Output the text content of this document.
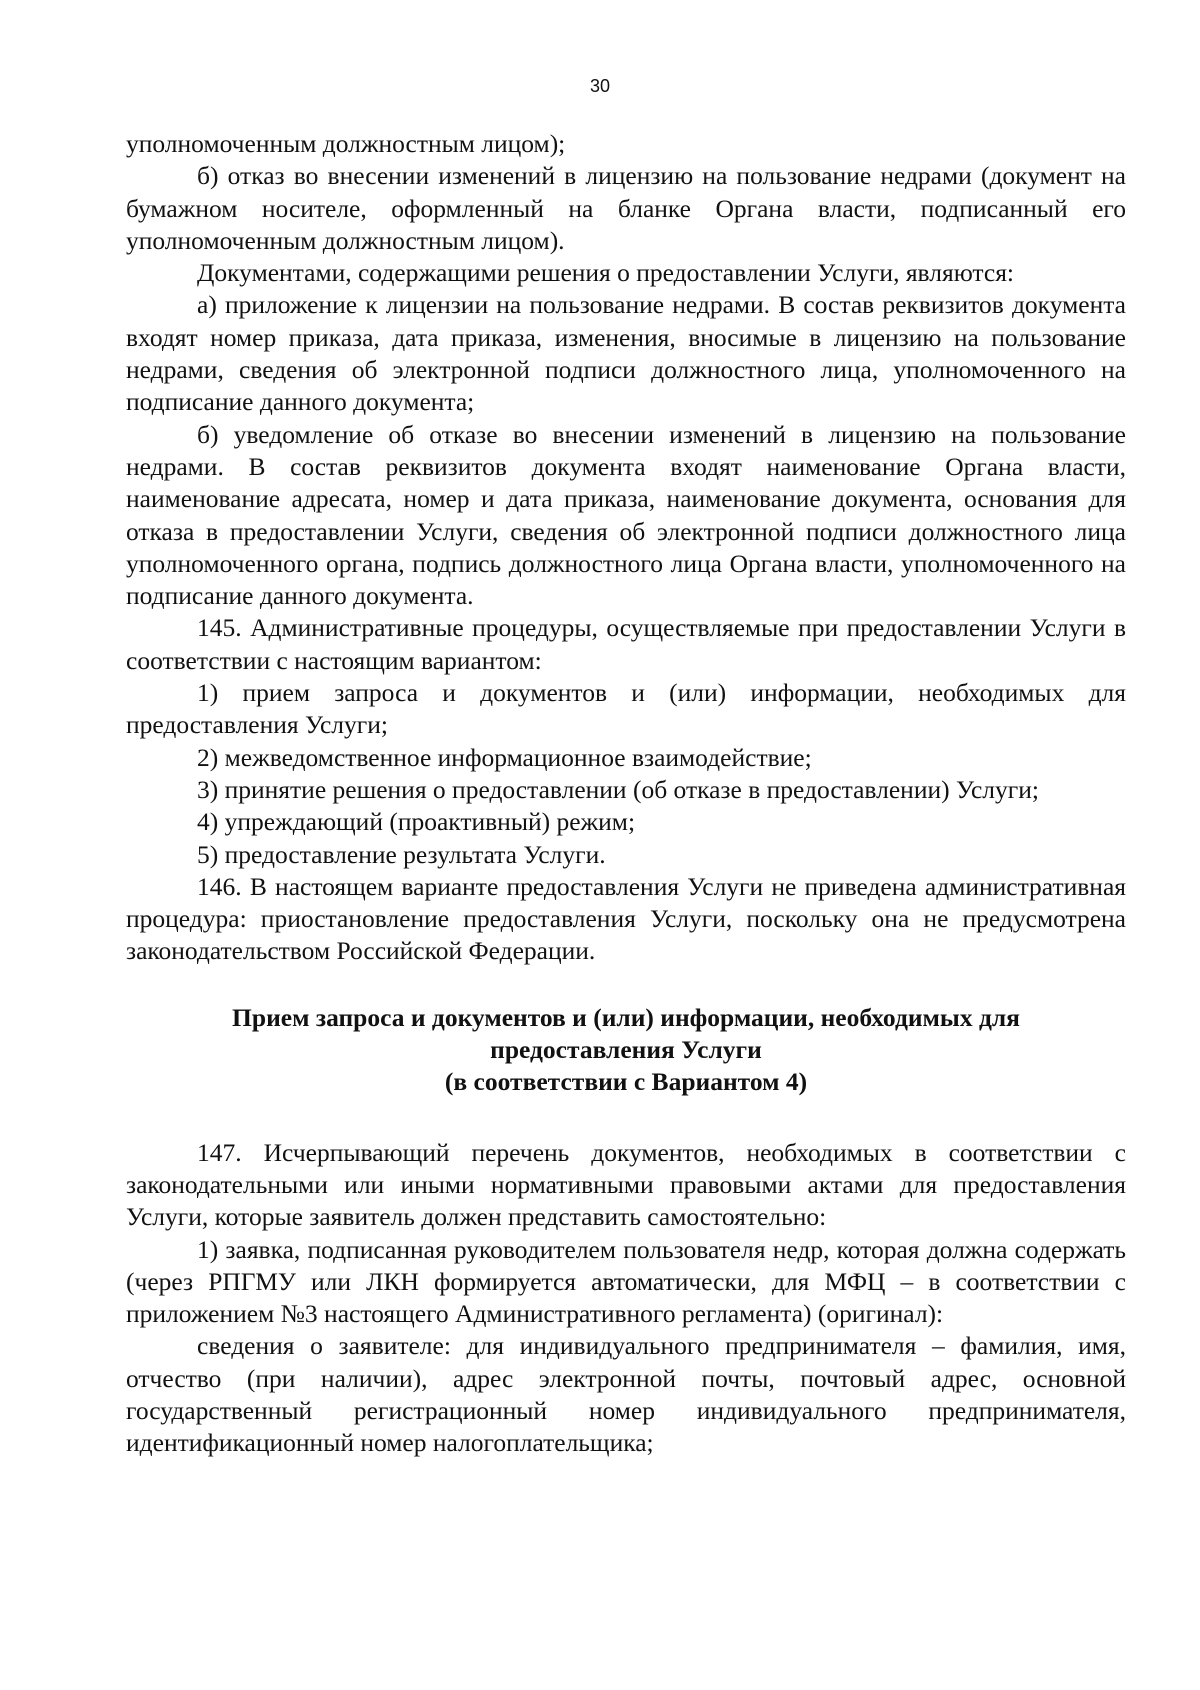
30

уполномоченным должностным лицом);

б) отказ во внесении изменений в лицензию на пользование недрами (документ на бумажном носителе, оформленный на бланке Органа власти, подписанный его уполномоченным должностным лицом).

Документами, содержащими решения о предоставлении Услуги, являются:

а) приложение к лицензии на пользование недрами. В состав реквизитов документа входят номер приказа, дата приказа, изменения, вносимые в лицензию на пользование недрами, сведения об электронной подписи должностного лица, уполномоченного на подписание данного документа;

б) уведомление об отказе во внесении изменений в лицензию на пользование недрами. В состав реквизитов документа входят наименование Органа власти, наименование адресата, номер и дата приказа, наименование документа, основания для отказа в предоставлении Услуги, сведения об электронной подписи должностного лица уполномоченного органа, подпись должностного лица Органа власти, уполномоченного на подписание данного документа.

145. Административные процедуры, осуществляемые при предоставлении Услуги в соответствии с настоящим вариантом:

1) прием запроса и документов и (или) информации, необходимых для предоставления Услуги;

2) межведомственное информационное взаимодействие;

3) принятие решения о предоставлении (об отказе в предоставлении) Услуги;

4) упреждающий (проактивный) режим;

5) предоставление результата Услуги.

146. В настоящем варианте предоставления Услуги не приведена административная процедура: приостановление предоставления Услуги, поскольку она не предусмотрена законодательством Российской Федерации.

Прием запроса и документов и (или) информации, необходимых для
предоставления Услуги
(в соответствии с Вариантом 4)

147. Исчерпывающий перечень документов, необходимых в соответствии с законодательными или иными нормативными правовыми актами для предоставления Услуги, которые заявитель должен представить самостоятельно:

1) заявка, подписанная руководителем пользователя недр, которая должна содержать (через РПГМУ или ЛКН формируется автоматически, для МФЦ – в соответствии с приложением №3 настоящего Административного регламента) (оригинал):

сведения о заявителе: для индивидуального предпринимателя – фамилия, имя, отчество (при наличии), адрес электронной почты, почтовый адрес, основной государственный регистрационный номер индивидуального предпринимателя, идентификационный номер налогоплательщика;
